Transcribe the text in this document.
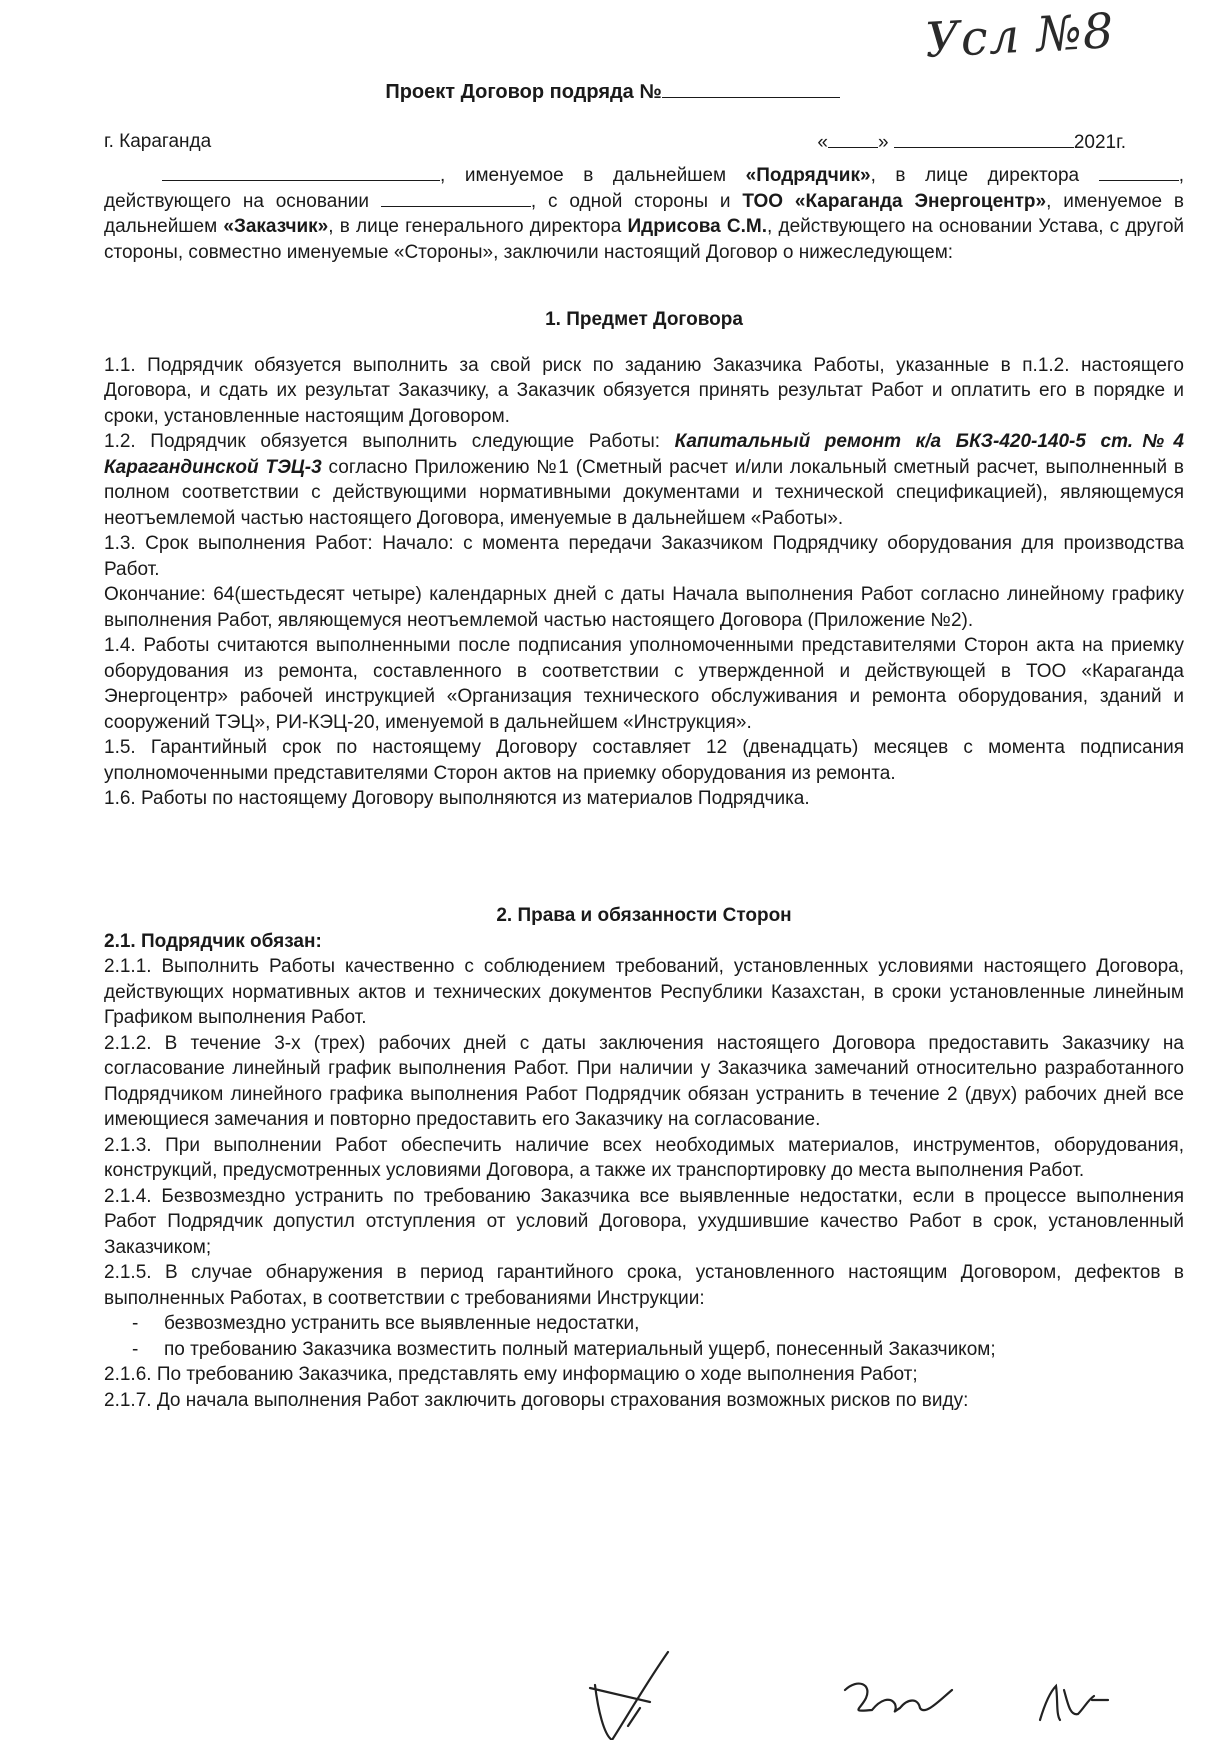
Усл №8
Проект Договор подряда №
г. Караганда	«	»	2021г.

, именуемое в дальнейшем «Подрядчик», в лице директора	, действующего на основании	, с одной стороны и ТОО «Караганда Энергоцентр», именуемое в дальнейшем «Заказчик», в лице генерального директора Идрисова С.М., действующего на основании Устава, с другой стороны, совместно именуемые «Стороны», заключили настоящий Договор о нижеследующем:

1. Предмет Договора

1.1. Подрядчик обязуется выполнить за свой риск по заданию Заказчика Работы, указанные в п.1.2. настоящего Договора, и сдать их результат Заказчику, а Заказчик обязуется принять результат Работ и оплатить его в порядке и сроки, установленные настоящим Договором.

1.2. Подрядчик обязуется выполнить следующие Работы: Капитальный ремонт к/а БКЗ-420-140-5 ст.№4 Карагандинской ТЭЦ-3 согласно Приложению №1 (Сметный расчет и/или локальный сметный расчет, выполненный в полном соответствии с действующими нормативными документами и технической спецификацией), являющемуся неотъемлемой частью настоящего Договора, именуемые в дальнейшем «Работы».

1.3. Срок выполнения Работ: Начало: с момента передачи Заказчиком Подрядчику оборудования для производства Работ.

Окончание: 64(шестьдесят четыре) календарных дней с даты Начала выполнения Работ согласно линейному графику выполнения Работ, являющемуся неотъемлемой частью настоящего Договора (Приложение №2).

1.4. Работы считаются выполненными после подписания уполномоченными представителями Сторон акта на приемку оборудования из ремонта, составленного в соответствии с утвержденной и действующей в ТОО «Караганда Энергоцентр» рабочей инструкцией «Организация технического обслуживания и ремонта оборудования, зданий и сооружений ТЭЦ», РИ-КЭЦ-20, именуемой в дальнейшем «Инструкция».

1.5. Гарантийный срок по настоящему Договору составляет 12 (двенадцать) месяцев с момента подписания уполномоченными представителями Сторон актов на приемку оборудования из ремонта.

1.6. Работы по настоящему Договору выполняются из материалов Подрядчика.

2. Права и обязанности Сторон

2.1. Подрядчик обязан:

2.1.1. Выполнить Работы качественно с соблюдением требований, установленных условиями настоящего Договора, действующих нормативных актов и технических документов Республики Казахстан, в сроки установленные линейным Графиком выполнения Работ.

2.1.2. В течение 3-х (трех) рабочих дней с даты заключения настоящего Договора предоставить Заказчику на согласование линейный график выполнения Работ. При наличии у Заказчика замечаний относительно разработанного Подрядчиком линейного графика выполнения Работ Подрядчик обязан устранить в течение 2 (двух) рабочих дней все имеющиеся замечания и повторно предоставить его Заказчику на согласование.

2.1.3. При выполнении Работ обеспечить наличие всех необходимых материалов, инструментов, оборудования, конструкций, предусмотренных условиями Договора, а также их транспортировку до места выполнения Работ.

2.1.4. Безвозмездно устранить по требованию Заказчика все выявленные недостатки, если в процессе выполнения Работ Подрядчик допустил отступления от условий Договора, ухудшившие качество Работ в срок, установленный Заказчиком;

2.1.5. В случае обнаружения в период гарантийного срока, установленного настоящим Договором, дефектов в выполненных Работах, в соответствии с требованиями Инструкции:

-	безвозмездно устранить все выявленные недостатки,
-	по требованию Заказчика возместить полный материальный ущерб, понесенный Заказчиком;

2.1.6. По требованию Заказчика, представлять ему информацию о ходе выполнения Работ;

2.1.7. До начала выполнения Работ заключить договоры страхования возможных рисков по виду:
